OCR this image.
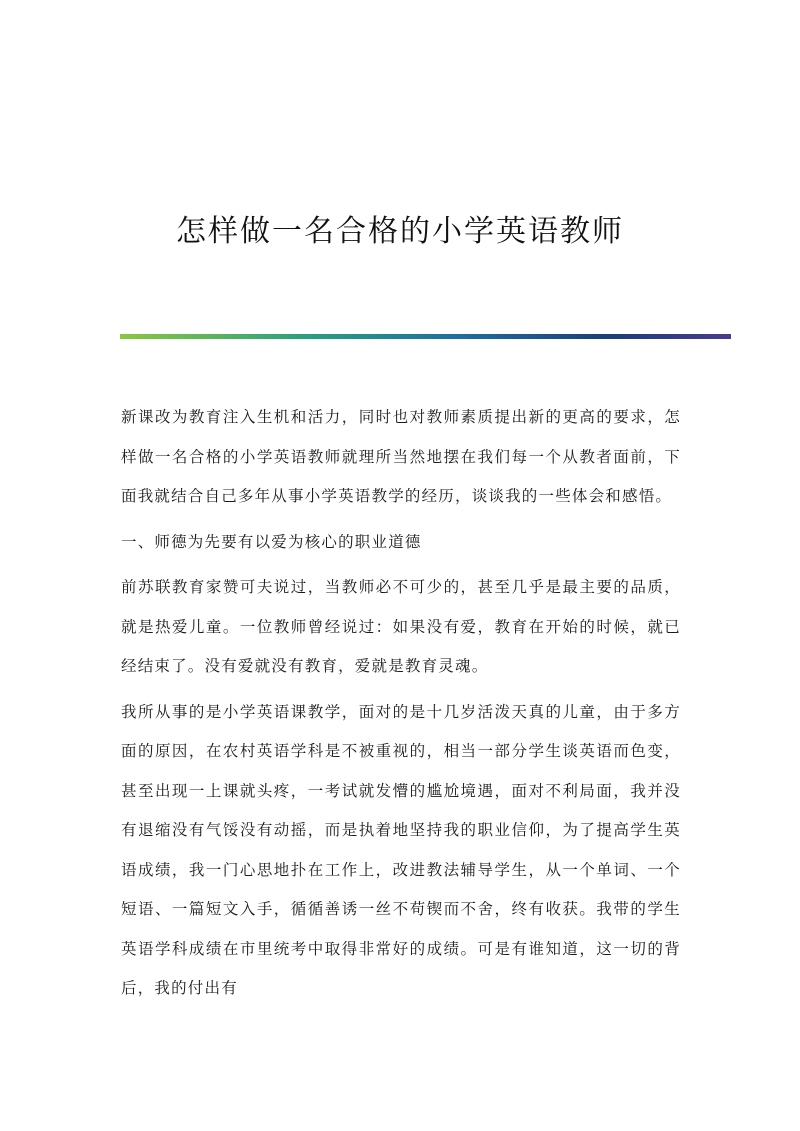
怎样做一名合格的小学英语教师

新课改为教育注入生机和活力，同时也对教师素质提出新的更高的要求，怎样做一名合格的小学英语教师就理所当然地摆在我们每一个从教者面前，下面我就结合自己多年从事小学英语教学的经历，谈谈我的一些体会和感悟。

一、师德为先要有以爱为核心的职业道德

前苏联教育家赞可夫说过，当教师必不可少的，甚至几乎是最主要的品质，就是热爱儿童。一位教师曾经说过：如果没有爱，教育在开始的时候，就已经结束了。没有爱就没有教育，爱就是教育灵魂。

我所从事的是小学英语课教学，面对的是十几岁活泼天真的儿童，由于多方面的原因，在农村英语学科是不被重视的，相当一部分学生谈英语而色变，甚至出现一上课就头疼，一考试就发懵的尴尬境遇，面对不利局面，我并没有退缩没有气馁没有动摇，而是执着地坚持我的职业信仰，为了提高学生英语成绩，我一门心思地扑在工作上，改进教法辅导学生，从一个单词、一个短语、一篇短文入手，循循善诱一丝不苟锲而不舍，终有收获。我带的学生英语学科成绩在市里统考中取得非常好的成绩。可是有谁知道，这一切的背后，我的付出有
